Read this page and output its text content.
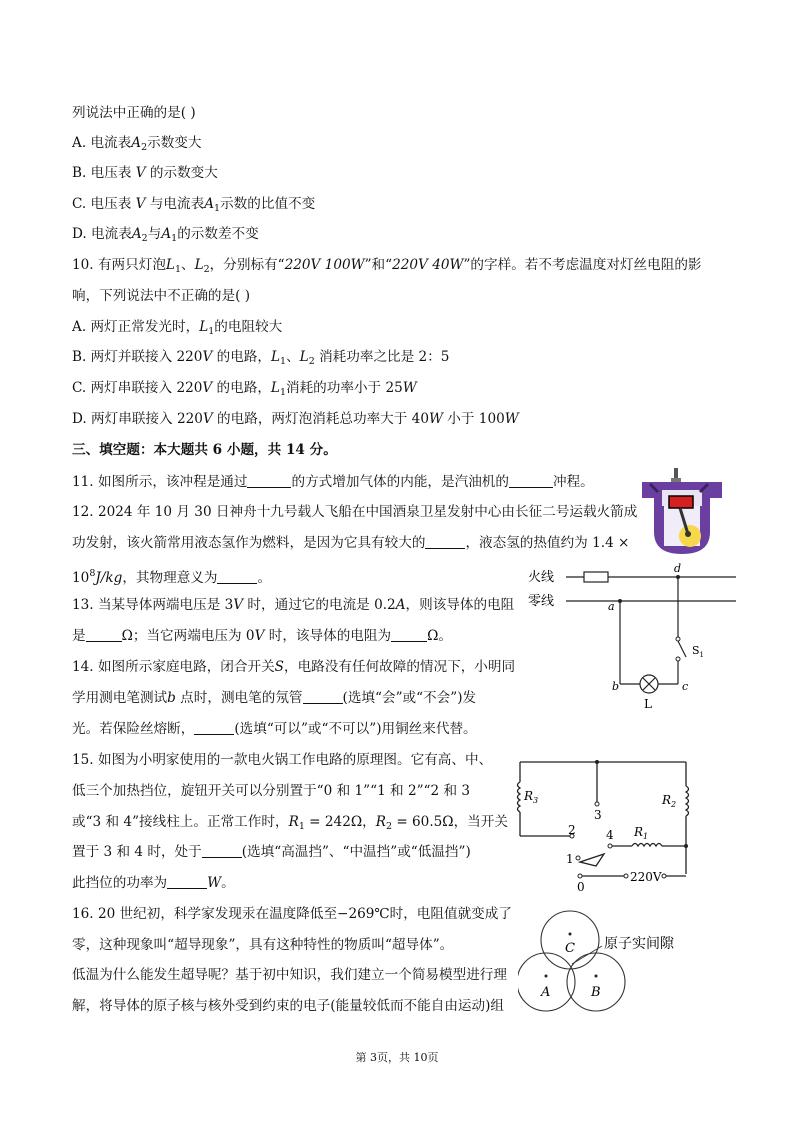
列说法中正确的是( )
A. 电流表$A_2$示数变大
B. 电压表 V 的示数变大
C. 电压表 V 与电流表$A_1$示数的比值不变
D. 电流表$A_2$与$A_1$的示数差不变
10. 有两只灯泡$L_1$、$L_2$，分别标有“220V 100W”和“220V 40W”的字样。若不考虑温度对灯丝电阻的影
响，下列说法中不正确的是( )
A. 两灯正常发光时，$L_1$的电阻较大
B. 两灯并联接入 220V 的电路，$L_1$、$L_2$ 消耗功率之比是 2：5
C. 两灯串联接入 220V 的电路，$L_1$消耗的功率小于 25W
D. 两灯串联接入 220V 的电路，两灯泡消耗总功率大于 40W 小于 100W
三、填空题：本大题共 6 小题，共 14 分。
11. 如图所示，该冲程是通过	的方式增加气体的内能，是汽油机的	冲程。
12. 2024 年 10 月 30 日神舟十九号载人飞船在中国酒泉卫星发射中心由长征二号运载火箭成
功发射，该火箭常用液态氢作为燃料，是因为它具有较大的	，液态氢的热值约为 1.4 ×
$10^8J/kg$，其物理意义为	。
13. 当某导体两端电压是 3V 时，通过它的电流是 0.2A，则该导体的电阻
是	Ω；当它两端电压为 0V 时，该导体的电阻为	Ω。
14. 如图所示家庭电路，闭合开关S，电路没有任何故障的情况下，小明同
学用测电笔测试b 点时，测电笔的氖管	(选填“会”或“不会”)发
光。若保险丝熔断，	(选填“可以”或“不可以”)用铜丝来代替。
15. 如图为小明家使用的一款电火锅工作电路的原理图。它有高、中、
低三个加热挡位，旋钮开关可以分别置于“0 和 1”“1 和 2”“2 和 3
或“3 和 4”接线柱上。正常工作时，$R_1 = 242\Omega$，$R_2 = 60.5\Omega$，当开关
置于 3 和 4 时，处于	(选填“高温挡”、“中温挡”或“低温挡”)
此挡位的功率为	W。
16. 20 世纪初，科学家发现汞在温度降低至−269℃时，电阻值就变成了
零，这种现象叫“超导现象”，具有这种特性的物质叫“超导体”。
低温为什么能发生超导呢？基于初中知识，我们建立一个简易模型进行理
解，将导体的原子核与核外受到约束的电子(能量较低而不能自由运动)组
火线
零线
d
a
$S_1$
b	c
L
$R_3$	$R_2$
3
2	4 $R_1$
1
0
220V
C
A	B
原子实间隙
第 3页，共 10页
